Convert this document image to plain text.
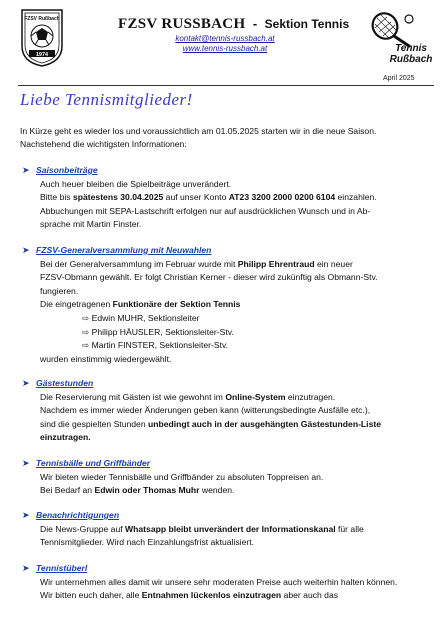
FZSV Rußbach
1974
FZSV RUSSBACH - Sektion Tennis
kontakt@tennis-russbach.at
www.tennis-russbach.at	Tennis
Rußbach
April 2025
Liebe Tennismitglieder!
In Kürze geht es wieder los und voraussichtlich am 01.05.2025 starten wir in die neue Saison.
Nachstehend die wichtigsten Informationen:
➤ Saisonbeiträge

Auch heuer bleiben die Spielbeiträge unverändert.

Bitte bis spätestens 30.04.2025 auf unser Konto AT23 3200 2000 0200 6104 einzahlen.

Abbuchungen mit SEPA-Lastschrift erfolgen nur auf ausdrücklichen Wunsch und in Ab-

sprache mit Martin Finster.

➤ FZSV-Generalversammlung mit Neuwahlen

Bei der Generalversammlung im Februar wurde mit Philipp Ehrentraud ein neuer

FZSV-Obmann gewählt. Er folgt Christian Kerner - dieser wird zukünftig als Obmann-Stv.

fungieren.

Die eingetragenen Funktionäre der Sektion Tennis

⇨ Edwin MUHR, Sektionsleiter

⇨ Philipp HÄUSLER, Sektionsleiter-Stv.

⇨ Martin FINSTER, Sektionsleiter-Stv.

wurden einstimmig wiedergewählt.

➤ Gästestunden

Die Reservierung mit Gästen ist wie gewohnt im Online-System einzutragen.

Nachdem es immer wieder Änderungen geben kann (witterungsbedingte Ausfälle etc.),

sind die gespielten Stunden unbedingt auch in der ausgehängten Gästestunden-Liste

einzutragen.

➤ Tennisbälle und Griffbänder

Wir bieten wieder Tennisbälle und Griffbänder zu absoluten Toppreisen an.

Bei Bedarf an Edwin oder Thomas Muhr wenden.

➤ Benachrichtigungen

Die News-Gruppe auf Whatsapp bleibt unverändert der Informationskanal für alle

Tennismitglieder. Wird nach Einzahlungsfrist aktualisiert.

➤ Tennistüberl

Wir unternehmen alles damit wir unsere sehr moderaten Preise auch weiterhin halten können.

Wir bitten euch daher, alle Entnahmen lückenlos einzutragen aber auch das
